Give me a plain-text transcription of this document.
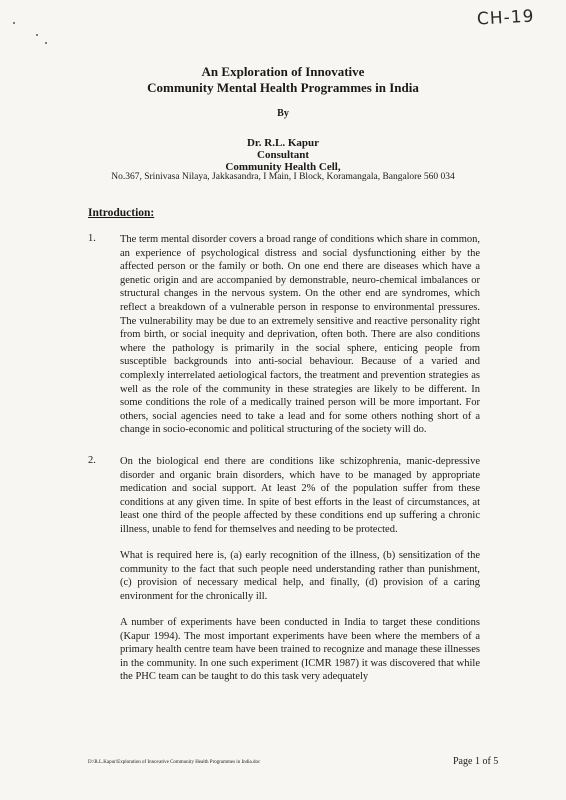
CH-19
An Exploration of Innovative
Community Mental Health Programmes in India
By
Dr. R.L. Kapur
Consultant
Community Health Cell,
No.367, Srinivasa Nilaya, Jakkasandra, I Main, I Block, Koramangala, Bangalore 560 034
Introduction:
1. The term mental disorder covers a broad range of conditions which share in common, an experience of psychological distress and social dysfunctioning either by the affected person or the family or both. On one end there are diseases which have a genetic origin and are accompanied by demonstrable, neuro-chemical imbalances or structural changes in the nervous system. On the other end are syndromes, which reflect a breakdown of a vulnerable person in response to environmental pressures. The vulnerability may be due to an extremely sensitive and reactive personality right from birth, or social inequity and deprivation, often both. There are also conditions where the pathology is primarily in the social sphere, enticing people from susceptible backgrounds into anti-social behaviour. Because of a varied and complexly interrelated aetiological factors, the treatment and prevention strategies as well as the role of the community in these strategies are likely to be different. In some conditions the role of a medically trained person will be more important. For others, social agencies need to take a lead and for some others nothing short of a change in socio-economic and political structuring of the society will do.
2. On the biological end there are conditions like schizophrenia, manic-depressive disorder and organic brain disorders, which have to be managed by appropriate medication and social support. At least 2% of the population suffer from these conditions at any given time. In spite of best efforts in the least of circumstances, at least one third of the people affected by these conditions end up suffering a chronic illness, unable to fend for themselves and needing to be protected.
What is required here is, (a) early recognition of the illness, (b) sensitization of the community to the fact that such people need understanding rather than punishment, (c) provision of necessary medical help, and finally, (d) provision of a caring environment for the chronically ill.
A number of experiments have been conducted in India to target these conditions (Kapur 1994). The most important experiments have been where the members of a primary health centre team have been trained to recognize and manage these illnesses in the community. In one such experiment (ICMR 1987) it was discovered that while the PHC team can be taught to do this task very adequately
D:\R.L.Kapur\Exploration of Innovative Community Health Programmes in India.doc	Page 1 of 5
